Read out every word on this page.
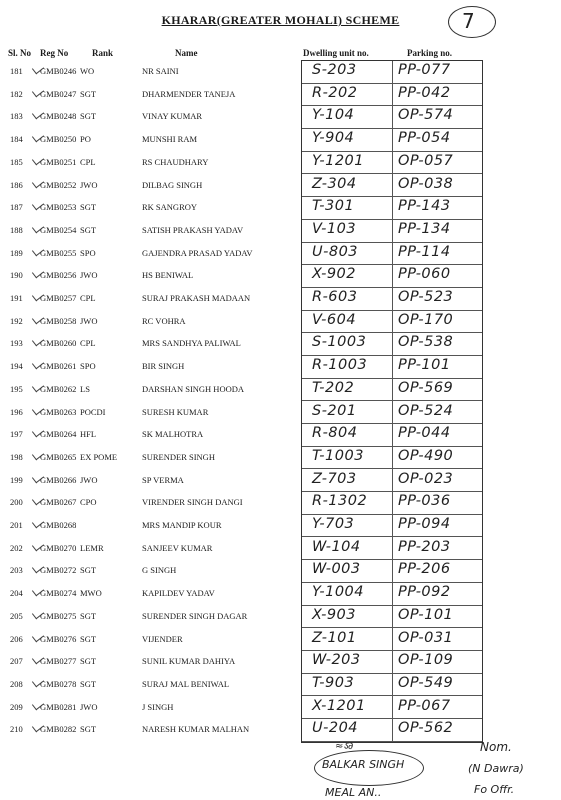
KHARAR(GREATER MOHALI) SCHEME	7
Sl. No Reg No	Rank	Name	Dwelling unit no.	Parking no.
181 GMB0246 WO	NR SAINI	S-203	PP-077
182 GMB0247 SGT	DHARMENDER TANEJA	R-202	PP-042
183 GMB0248 SGT	VINAY KUMAR	Y-104	OP-574
184 GMB0250 PO	MUNSHI RAM	Y-904	PP-054
185 GMB0251 CPL	RS CHAUDHARY	Y-1201 OP-057
186 GMB0252 JWO	DILBAG SINGH	Z-304	OP-038
187 GMB0253 SGT	RK SANGROY	T-301	PP-143
188 GMB0254 SGT	SATISH PRAKASH YADAV	V-103	PP-134
189 GMB0255 SPO	GAJENDRA PRASAD YADAV	U-803	PP-114
190 GMB0256 JWO	HS BENIWAL	X-902	PP-060
191 GMB0257 CPL	SURAJ PRAKASH MADAAN	R-603	OP-523
192 GMB0258 JWO	RC VOHRA	V-604	OP-170
193 GMB0260 CPL	MRS SANDHYA PALIWAL	S-1003 OP-538
194 GMB0261 SPO	BIR SINGH	R-1003 PP-101
195 GMB0262 LS	DARSHAN SINGH HOODA	T-202	OP-569
196 GMB0263 POCDI	SURESH KUMAR	S-201	OP-524
197 GMB0264 HFL	SK MALHOTRA	R-804	PP-044
198 GMB0265 EX POME	SURENDER SINGH	T-1003 OP-490
199 GMB0266 JWO	SP VERMA	Z-703	OP-023
200 GMB0267 CPO	VIRENDER SINGH DANGI	R-1302 PP-036
201 GMB0268	MRS MANDIP KOUR	Y-703	PP-094
202 GMB0270 LEMR	SANJEEV KUMAR	W-104	PP-203
203 GMB0272 SGT	G SINGH	W-003	PP-206
204 GMB0274 MWO	KAPILDEV YADAV	Y-1004 PP-092
205 GMB0275 SGT	SURENDER SINGH DAGAR	X-903	OP-101
206 GMB0276 SGT	VIJENDER	Z-101	OP-031
207 GMB0277 SGT	SUNIL KUMAR DAHIYA	W-203	OP-109
208 GMB0278 SGT	SURAJ MAL BENIWAL	T-903	OP-549
209 GMB0281 JWO	J SINGH	X-1201 PP-067
210 GMB0282 SGT	NARESH KUMAR MALHAN	U-204	OP-562
≈ऽ∂
BALKAR SINGH
MEAL AN..
Nom.
(N Dawra)
Fo Offr.
